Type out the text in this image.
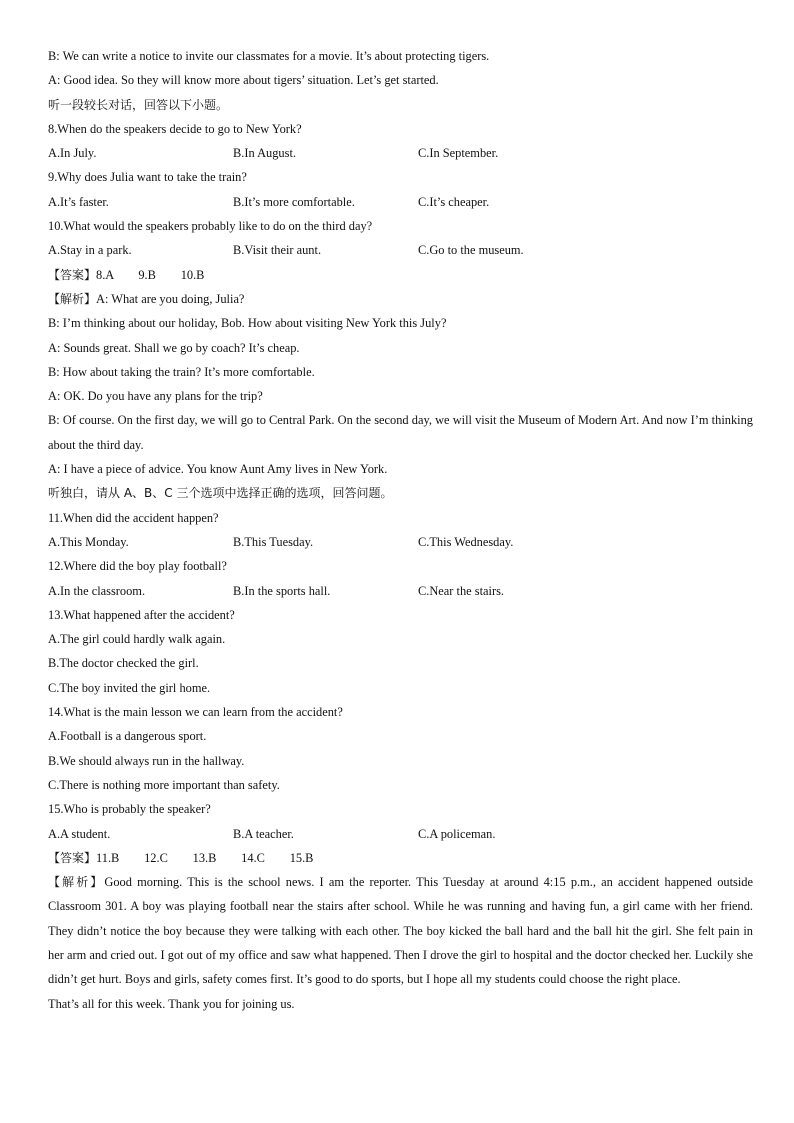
B: We can write a notice to invite our classmates for a movie. It’s about protecting tigers.
A: Good idea. So they will know more about tigers’ situation. Let’s get started.
听一段较长对话，回答以下小题。
8.When do the speakers decide to go to New York?
A.In July.	B.In August.	C.In September.
9.Why does Julia want to take the train?
A.It’s faster.	B.It’s more comfortable.	C.It’s cheaper.
10.What would the speakers probably like to do on the third day?
A.Stay in a park.	B.Visit their aunt.	C.Go to the museum.
【答案】8.A        9.B        10.B
【解析】A: What are you doing, Julia?
B: I’m thinking about our holiday, Bob. How about visiting New York this July?
A: Sounds great. Shall we go by coach? It’s cheap.
B: How about taking the train? It’s more comfortable.
A: OK. Do you have any plans for the trip?
B: Of course. On the first day, we will go to Central Park. On the second day, we will visit the Museum of Modern Art. And now I’m thinking about the third day.
A: I have a piece of advice. You know Aunt Amy lives in New York.
听独白，请从 A、B、C 三个选项中选择正确的选项，回答问题。
11.When did the accident happen?
A.This Monday.	B.This Tuesday.	C.This Wednesday.
12.Where did the boy play football?
A.In the classroom.	B.In the sports hall.	C.Near the stairs.
13.What happened after the accident?
A.The girl could hardly walk again.
B.The doctor checked the girl.
C.The boy invited the girl home.
14.What is the main lesson we can learn from the accident?
A.Football is a dangerous sport.
B.We should always run in the hallway.
C.There is nothing more important than safety.
15.Who is probably the speaker?
A.A student.	B.A teacher.	C.A policeman.
【答案】11.B        12.C        13.B        14.C        15.B
【解析】Good morning. This is the school news. I am the reporter. This Tuesday at around 4:15 p.m., an accident happened outside Classroom 301. A boy was playing football near the stairs after school. While he was running and having fun, a girl came with her friend. They didn’t notice the boy because they were talking with each other. The boy kicked the ball hard and the ball hit the girl. She felt pain in her arm and cried out. I got out of my office and saw what happened. Then I drove the girl to hospital and the doctor checked her. Luckily she didn’t get hurt. Boys and girls, safety comes first. It’s good to do sports, but I hope all my students could choose the right place.
That’s all for this week. Thank you for joining us.
